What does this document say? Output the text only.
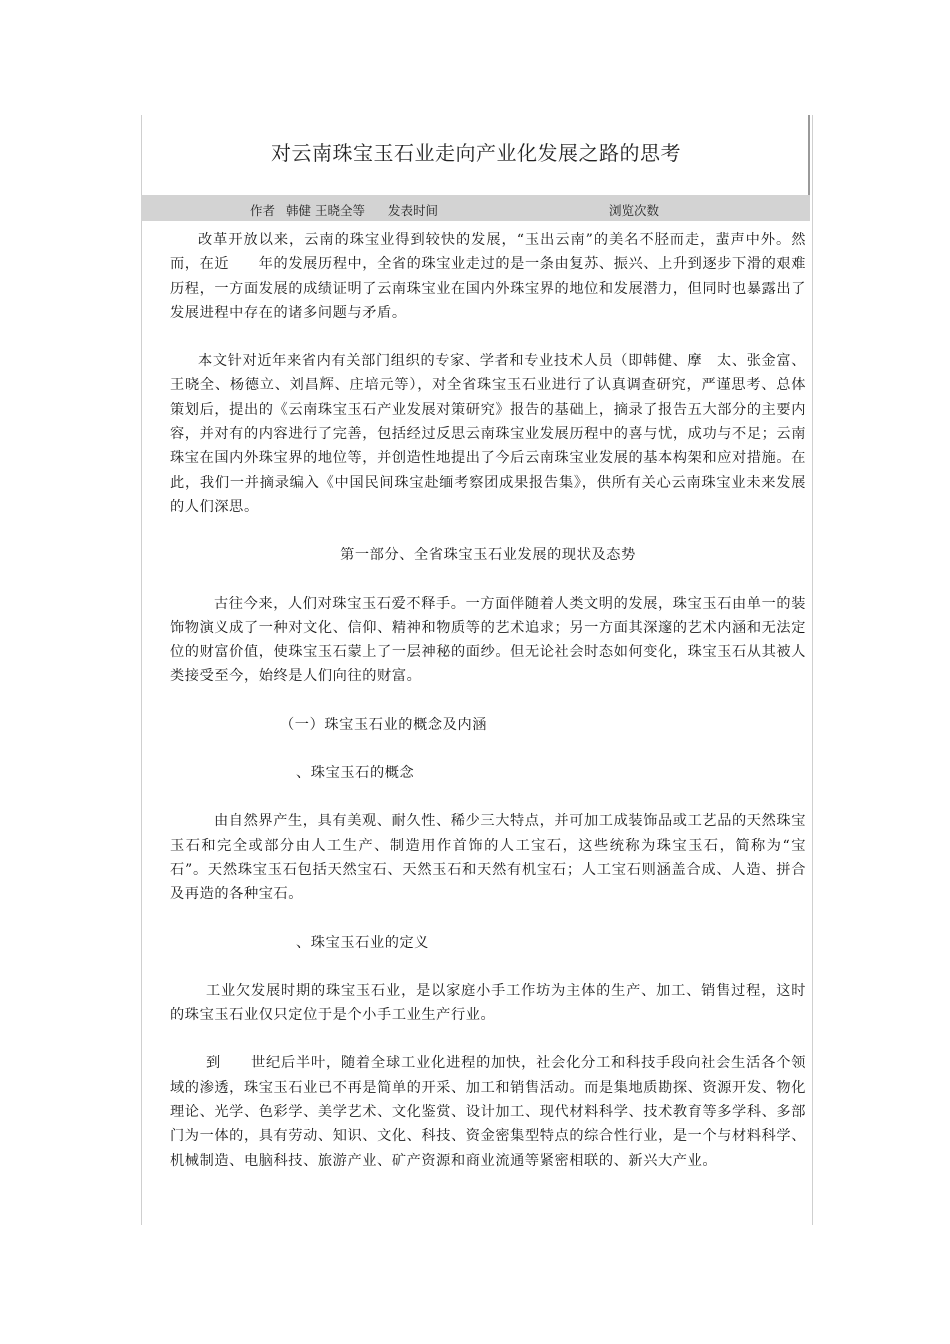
对云南珠宝玉石业走向产业化发展之路的思考
作者 韩健 王晓全等 发表时间	浏览次数

改革开放以来，云南的珠宝业得到较快的发展，“玉出云南”的美名不胫而走，蜚声中外。然而，在近　　年的发展历程中，全省的珠宝业走过的是一条由复苏、振兴、上升到逐步下滑的艰难历程，一方面发展的成绩证明了云南珠宝业在国内外珠宝界的地位和发展潜力，但同时也暴露出了发展进程中存在的诸多问题与矛盾。

本文针对近年来省内有关部门组织的专家、学者和专业技术人员（即韩健、摩　太、张金富、王晓全、杨德立、刘昌辉、庄培元等），对全省珠宝玉石业进行了认真调查研究，严谨思考、总体策划后，提出的《云南珠宝玉石产业发展对策研究》报告的基础上，摘录了报告五大部分的主要内容，并对有的内容进行了完善，包括经过反思云南珠宝业发展历程中的喜与忧，成功与不足；云南珠宝在国内外珠宝界的地位等，并创造性地提出了今后云南珠宝业发展的基本构架和应对措施。在此，我们一并摘录编入《中国民间珠宝赴缅考察团成果报告集》，供所有关心云南珠宝业未来发展的人们深思。

第一部分、全省珠宝玉石业发展的现状及态势

古往今来，人们对珠宝玉石爱不释手。一方面伴随着人类文明的发展，珠宝玉石由单一的装饰物演义成了一种对文化、信仰、精神和物质等的艺术追求；另一方面其深邃的艺术内涵和无法定位的财富价值，使珠宝玉石蒙上了一层神秘的面纱。但无论社会时态如何变化，珠宝玉石从其被人类接受至今，始终是人们向往的财富。

（一）珠宝玉石业的概念及内涵

、珠宝玉石的概念

由自然界产生，具有美观、耐久性、稀少三大特点，并可加工成装饰品或工艺品的天然珠宝玉石和完全或部分由人工生产、制造用作首饰的人工宝石，这些统称为珠宝玉石，简称为“宝石”。天然珠宝玉石包括天然宝石、天然玉石和天然有机宝石；人工宝石则涵盖合成、人造、拼合及再造的各种宝石。

、珠宝玉石业的定义

工业欠发展时期的珠宝玉石业，是以家庭小手工作坊为主体的生产、加工、销售过程，这时的珠宝玉石业仅只定位于是个小手工业生产行业。

到　　世纪后半叶，随着全球工业化进程的加快，社会化分工和科技手段向社会生活各个领域的渗透，珠宝玉石业已不再是简单的开采、加工和销售活动。而是集地质勘探、资源开发、物化理论、光学、色彩学、美学艺术、文化鉴赏、设计加工、现代材料科学、技术教育等多学科、多部门为一体的，具有劳动、知识、文化、科技、资金密集型特点的综合性行业，是一个与材料科学、机械制造、电脑科技、旅游产业、矿产资源和商业流通等紧密相联的、新兴大产业。
